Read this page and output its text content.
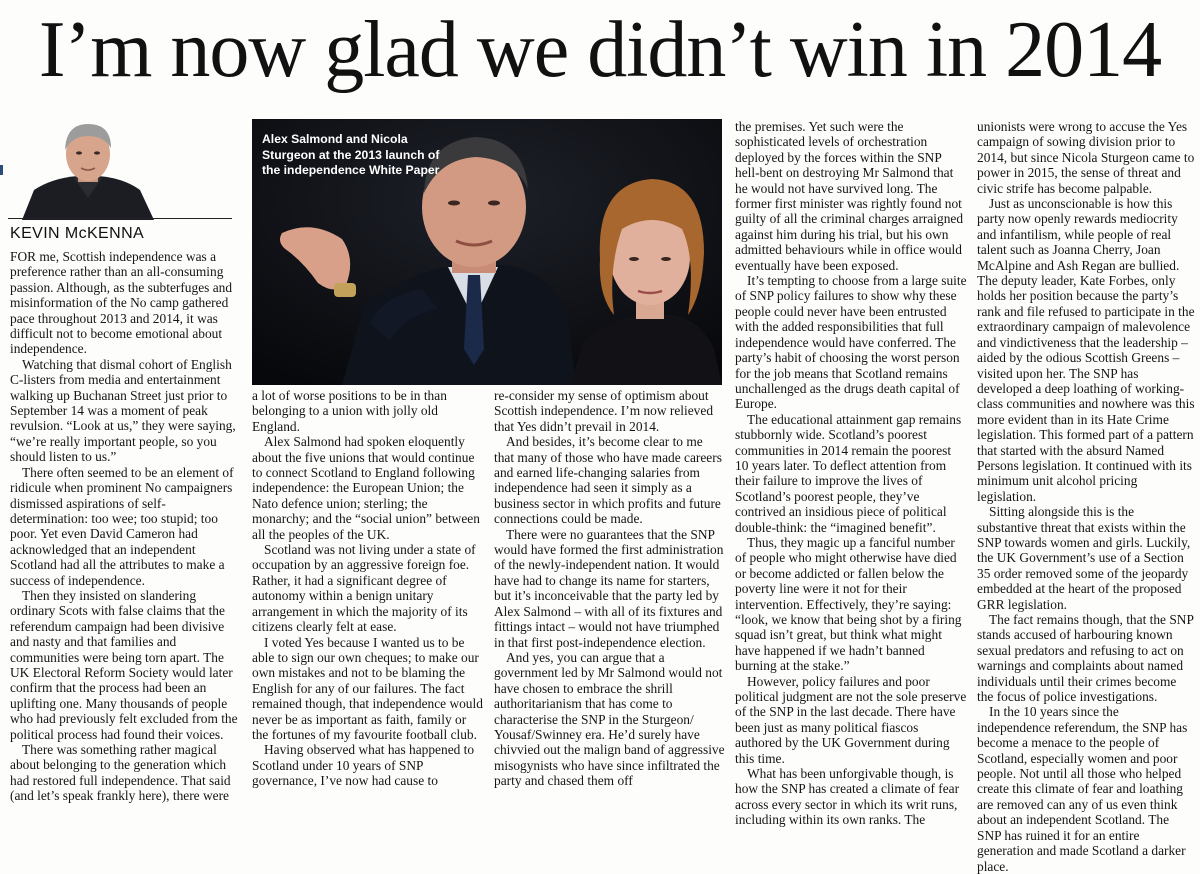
I’m now glad we didn’t win in 2014
KEVIN McKENNA
Alex Salmond and Nicola Sturgeon at the 2013 launch of the independence White Paper

FOR me, Scottish independence was a preference rather than an all-consuming passion. Although, as the subterfuges and misinformation of the No camp gathered pace throughout 2013 and 2014, it was difficult not to become emotional about independence.

Watching that dismal cohort of English C-listers from media and entertainment walking up Buchanan Street just prior to September 14 was a moment of peak revulsion. “Look at us,” they were saying, “we’re really important people, so you should listen to us.”

There often seemed to be an element of ridicule when prominent No campaigners dismissed aspirations of self-determination: too wee; too stupid; too poor. Yet even David Cameron had acknowledged that an independent Scotland had all the attributes to make a success of independence.

Then they insisted on slandering ordinary Scots with false claims that the referendum campaign had been divisive and nasty and that families and communities were being torn apart. The UK Electoral Reform Society would later confirm that the process had been an uplifting one. Many thousands of people who had previously felt excluded from the political process had found their voices.

There was something rather magical about belonging to the generation which had restored full independence. That said (and let’s speak frankly here), there were

a lot of worse positions to be in than belonging to a union with jolly old England.

Alex Salmond had spoken eloquently about the five unions that would continue to connect Scotland to England following independence: the European Union; the Nato defence union; sterling; the monarchy; and the “social union” between all the peoples of the UK.

Scotland was not living under a state of occupation by an aggressive foreign foe. Rather, it had a significant degree of autonomy within a benign unitary arrangement in which the majority of its citizens clearly felt at ease.

I voted Yes because I wanted us to be able to sign our own cheques; to make our own mistakes and not to be blaming the English for any of our failures. The fact remained though, that independence would never be as important as faith, family or the fortunes of my favourite football club.

Having observed what has happened to Scotland under 10 years of SNP governance, I’ve now had cause to

re-consider my sense of optimism about Scottish independence. I’m now relieved that Yes didn’t prevail in 2014.

And besides, it’s become clear to me that many of those who have made careers and earned life-changing salaries from independence had seen it simply as a business sector in which profits and future connections could be made.

There were no guarantees that the SNP would have formed the first administration of the newly-independent nation. It would have had to change its name for starters, but it’s inconceivable that the party led by Alex Salmond – with all of its fixtures and fittings intact – would not have triumphed in that first post-independence election.

And yes, you can argue that a government led by Mr Salmond would not have chosen to embrace the shrill authoritarianism that has come to characterise the SNP in the Sturgeon/ Yousaf/Swinney era. He’d surely have chivvied out the malign band of aggressive misogynists who have since infiltrated the party and chased them off

the premises. Yet such were the sophisticated levels of orchestration deployed by the forces within the SNP hell-bent on destroying Mr Salmond that he would not have survived long. The former first minister was rightly found not guilty of all the criminal charges arraigned against him during his trial, but his own admitted behaviours while in office would eventually have been exposed.

It’s tempting to choose from a large suite of SNP policy failures to show why these people could never have been entrusted with the added responsibilities that full independence would have conferred. The party’s habit of choosing the worst person for the job means that Scotland remains unchallenged as the drugs death capital of Europe.

The educational attainment gap remains stubbornly wide. Scotland’s poorest communities in 2014 remain the poorest 10 years later. To deflect attention from their failure to improve the lives of Scotland’s poorest people, they’ve contrived an insidious piece of political double-think: the “imagined benefit”.

Thus, they magic up a fanciful number of people who might otherwise have died or become addicted or fallen below the poverty line were it not for their intervention. Effectively, they’re saying: “look, we know that being shot by a firing squad isn’t great, but think what might have happened if we hadn’t banned burning at the stake.”

However, policy failures and poor political judgment are not the sole preserve of the SNP in the last decade. There have been just as many political fiascos authored by the UK Government during this time.

What has been unforgivable though, is how the SNP has created a climate of fear across every sector in which its writ runs, including within its own ranks. The

unionists were wrong to accuse the Yes campaign of sowing division prior to 2014, but since Nicola Sturgeon came to power in 2015, the sense of threat and civic strife has become palpable.

Just as unconscionable is how this party now openly rewards mediocrity and infantilism, while people of real talent such as Joanna Cherry, Joan McAlpine and Ash Regan are bullied. The deputy leader, Kate Forbes, only holds her position because the party’s rank and file refused to participate in the extraordinary campaign of malevolence and vindictiveness that the leadership – aided by the odious Scottish Greens – visited upon her. The SNP has developed a deep loathing of working-class communities and nowhere was this more evident than in its Hate Crime legislation. This formed part of a pattern that started with the absurd Named Persons legislation. It continued with its minimum unit alcohol pricing legislation.

Sitting alongside this is the substantive threat that exists within the SNP towards women and girls. Luckily, the UK Government’s use of a Section 35 order removed some of the jeopardy embedded at the heart of the proposed GRR legislation.

The fact remains though, that the SNP stands accused of harbouring known sexual predators and refusing to act on warnings and complaints about named individuals until their crimes become the focus of police investigations.

In the 10 years since the independence referendum, the SNP has become a menace to the people of Scotland, especially women and poor people. Not until all those who helped create this climate of fear and loathing are removed can any of us even think about an independent Scotland. The SNP has ruined it for an entire generation and made Scotland a darker place.
